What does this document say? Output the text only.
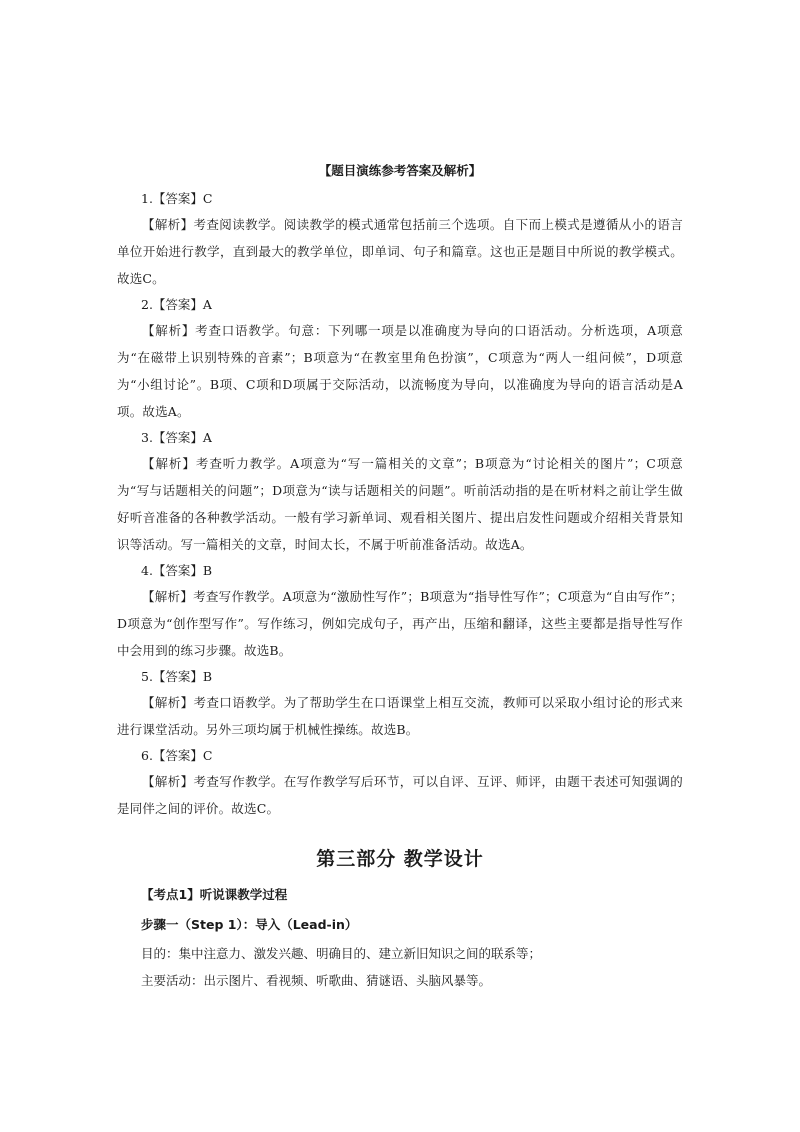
【题目演练参考答案及解析】

1.【答案】C

【解析】考查阅读教学。阅读教学的模式通常包括前三个选项。自下而上模式是遵循从小的语言单位开始进行教学，直到最大的教学单位，即单词、句子和篇章。这也正是题目中所说的教学模式。故选C。

2.【答案】A

【解析】考查口语教学。句意：下列哪一项是以准确度为导向的口语活动。分析选项，A项意为“在磁带上识别特殊的音素”；B项意为“在教室里角色扮演”，C项意为“两人一组问候”，D项意为“小组讨论”。B项、C项和D项属于交际活动，以流畅度为导向，以准确度为导向的语言活动是A项。故选A。

3.【答案】A

【解析】考查听力教学。A项意为“写一篇相关的文章”；B项意为“讨论相关的图片”；C项意为“写与话题相关的问题”；D项意为“读与话题相关的问题”。听前活动指的是在听材料之前让学生做好听音准备的各种教学活动。一般有学习新单词、观看相关图片、提出启发性问题或介绍相关背景知识等活动。写一篇相关的文章，时间太长，不属于听前准备活动。故选A。

4.【答案】B

【解析】考查写作教学。A项意为“激励性写作”；B项意为“指导性写作”；C项意为“自由写作”；D项意为“创作型写作”。写作练习，例如完成句子，再产出，压缩和翻译，这些主要都是指导性写作中会用到的练习步骤。故选B。

5.【答案】B

【解析】考查口语教学。为了帮助学生在口语课堂上相互交流，教师可以采取小组讨论的形式来进行课堂活动。另外三项均属于机械性操练。故选B。

6.【答案】C

【解析】考查写作教学。在写作教学写后环节，可以自评、互评、师评，由题干表述可知强调的是同伴之间的评价。故选C。

第三部分 教学设计
【考点1】听说课教学过程
步骤一（Step 1）：导入（Lead-in）

目的：集中注意力、激发兴趣、明确目的、建立新旧知识之间的联系等；

主要活动：出示图片、看视频、听歌曲、猜谜语、头脑风暴等。
